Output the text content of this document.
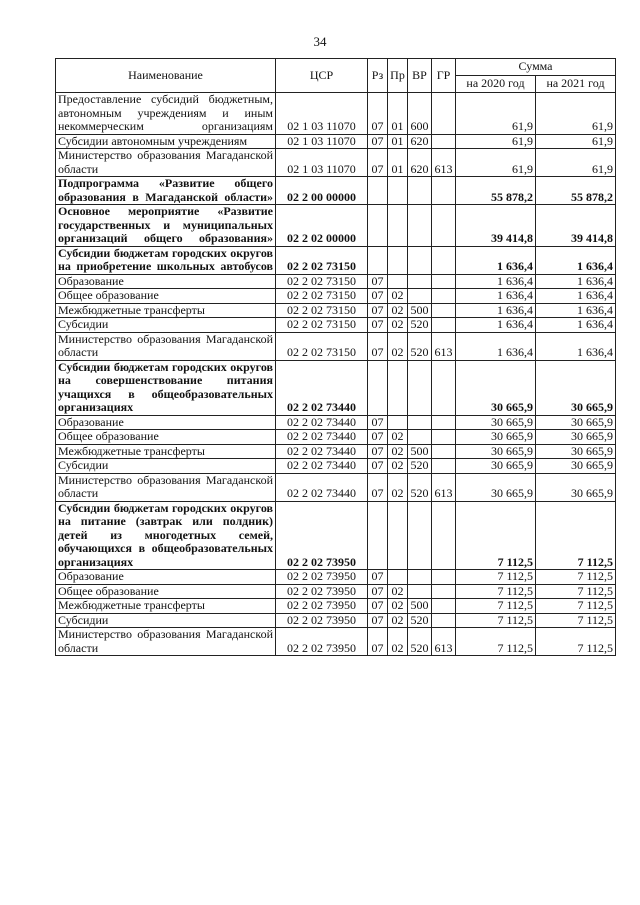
34
Наименование	ЦСР	Рз	Пр	ВР	ГР	Сумма	
						на 2020 год	на 2021 год
Предоставление субсидий бюджетным, автономным учреждениям и иным некоммерческим организациям	02 1 03 11070	07	01	600		61,9	61,9
Субсидии автономным учреждениям	02 1 03 11070	07	01	620		61,9	61,9
Министерство образования Магаданской области	02 1 03 11070	07	01	620	613	61,9	61,9
Подпрограмма «Развитие общего образования в Магаданской области»	02 2 00 00000					55 878,2	55 878,2
Основное мероприятие «Развитие государственных и муниципальных организаций общего образования»	02 2 02 00000					39 414,8	39 414,8
Субсидии бюджетам городских округов на приобретение школьных автобусов	02 2 02 73150					1 636,4	1 636,4
Образование	02 2 02 73150	07				1 636,4	1 636,4
Общее образование	02 2 02 73150	07	02			1 636,4	1 636,4
Межбюджетные трансферты	02 2 02 73150	07	02	500		1 636,4	1 636,4
Субсидии	02 2 02 73150	07	02	520		1 636,4	1 636,4
Министерство образования Магаданской области	02 2 02 73150	07	02	520	613	1 636,4	1 636,4
Субсидии бюджетам городских округов на совершенствование питания учащихся в общеобразовательных организациях	02 2 02 73440					30 665,9	30 665,9
Образование	02 2 02 73440	07				30 665,9	30 665,9
Общее образование	02 2 02 73440	07	02			30 665,9	30 665,9
Межбюджетные трансферты	02 2 02 73440	07	02	500		30 665,9	30 665,9
Субсидии	02 2 02 73440	07	02	520		30 665,9	30 665,9
Министерство образования Магаданской области	02 2 02 73440	07	02	520	613	30 665,9	30 665,9
Субсидии бюджетам городских округов на питание (завтрак или полдник) детей из многодетных семей, обучающихся в общеобразовательных организациях	02 2 02 73950					7 112,5	7 112,5
Образование	02 2 02 73950	07				7 112,5	7 112,5
Общее образование	02 2 02 73950	07	02			7 112,5	7 112,5
Межбюджетные трансферты	02 2 02 73950	07	02	500		7 112,5	7 112,5
Субсидии	02 2 02 73950	07	02	520		7 112,5	7 112,5
Министерство образования Магаданской области	02 2 02 73950	07	02	520	613	7 112,5	7 112,5
